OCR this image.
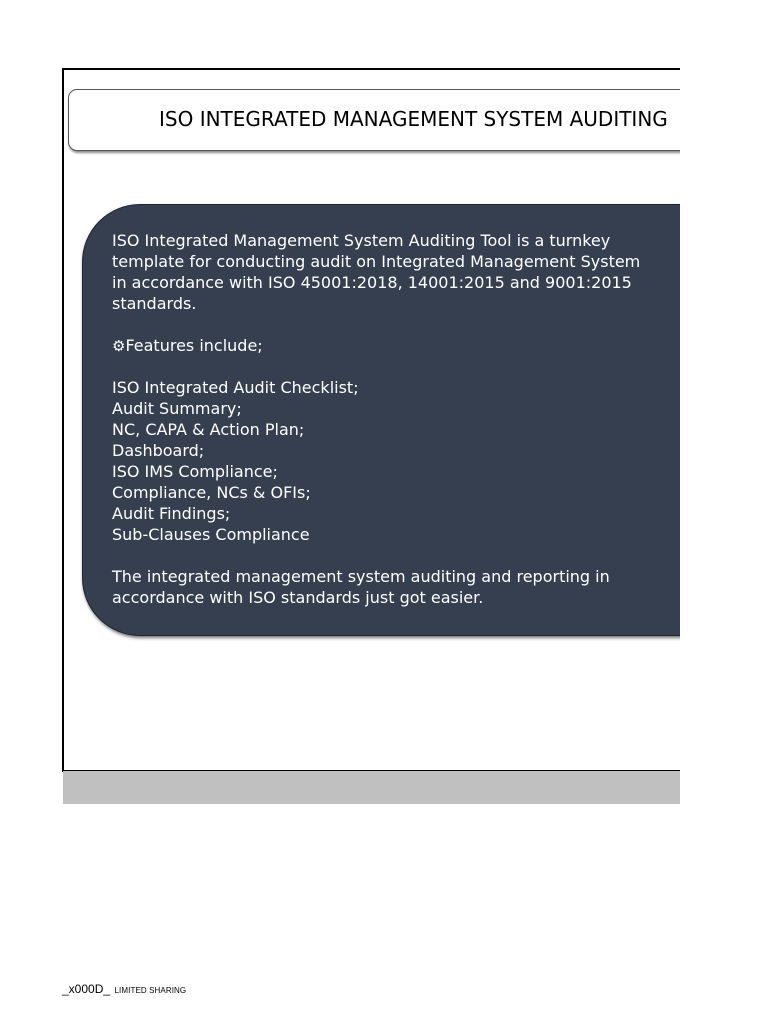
ISO INTEGRATED MANAGEMENT SYSTEM AUDITING
ISO Integrated Management System Auditing Tool is a turnkey
template for conducting audit on Integrated Management System
in accordance with ISO 45001:2018, 14001:2015 and 9001:2015
standards.
⚙Features include;
ISO Integrated Audit Checklist;
Audit Summary;
NC, CAPA & Action Plan;
Dashboard;
ISO IMS Compliance;
Compliance, NCs & OFIs;
Audit Findings;
Sub-Clauses Compliance
The integrated management system auditing and reporting in
accordance with ISO standards just got easier.
_x000D_ LIMITED SHARING
